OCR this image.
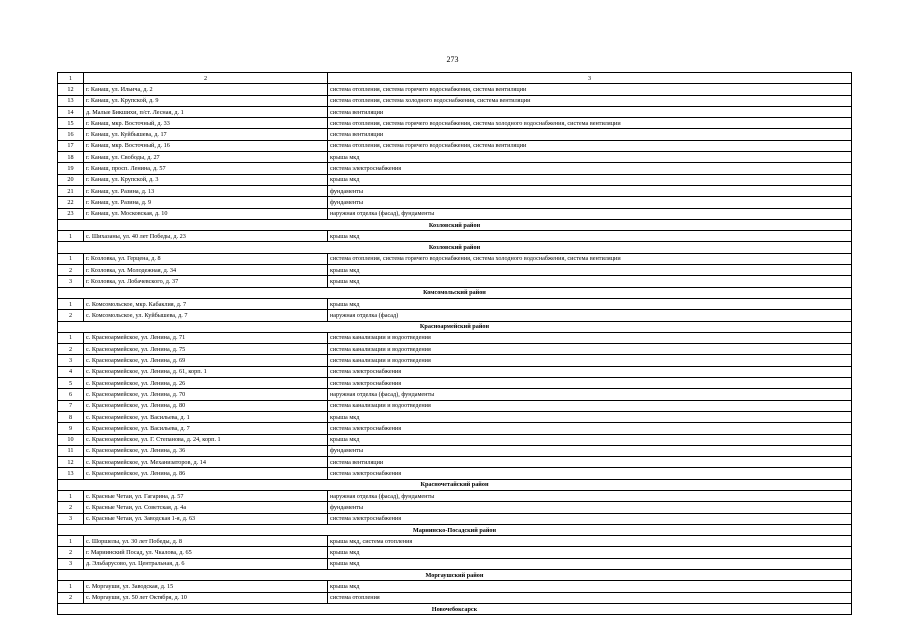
273
1	2	3
12	г. Канаш, ул. Ильича, д. 2	система отопления, система горячего водоснабжения, система вентиляции
13	г. Канаш, ул. Крупской, д. 9	система отопления, система холодного водоснабжения, система вентиляции
14	д. Малые Бикшихи, п/ст. Лесная, д. 1	система вентиляции
15	г. Канаш, мкр. Восточный, д. 33	система отопления, система горячего водоснабжения, система холодного водоснабжения, система вентиляции
16	г. Канаш, ул. Куйбышева, д. 17	система вентиляции
17	г. Канаш, мкр. Восточный, д. 16	система отопления, система горячего водоснабжения, система вентиляции
18	г. Канаш, ул. Свободы, д. 27	крыша мкд
19	г. Канаш, просп. Ленина, д. 57	система электроснабжения
20	г. Канаш, ул. Крупской, д. 3	крыша мкд
21	г. Канаш, ул. Разина, д. 13	фундаменты
22	г. Канаш, ул. Разина, д. 9	фундаменты
23	г. Канаш, ул. Московская, д. 10	наружная отделка (фасад), фундаменты
Козловский район		
1	с. Шихазаны, ул. 40 лет Победы, д. 23	крыша мкд
Козловский район		
1	г. Козловка, ул. Герцена, д. 8	система отопления, система горячего водоснабжения, система холодного водоснабжения, система вентиляции
2	г. Козловка, ул. Молодежная, д. 34	крыша мкд
3	г. Козловка, ул. Лобачевского, д. 37	крыша мкд
Комсомольский район		
1	с. Комсомольское, мкр. Кабаклия, д. 7	крыша мкд
2	с. Комсомольское, ул. Куйбышева, д. 7	наружная отделка (фасад)
Красноармейский район		
1	с. Красноармейское, ул. Ленина, д. 71	система канализации и водоотведения
2	с. Красноармейское, ул. Ленина, д. 75	система канализации и водоотведения
3	с. Красноармейское, ул. Ленина, д. 69	система канализации и водоотведения
4	с. Красноармейское, ул. Ленина, д. 61, корп. 1	система электроснабжения
5	с. Красноармейское, ул. Ленина, д. 26	система электроснабжения
6	с. Красноармейское, ул. Ленина, д. 70	наружная отделка (фасад), фундаменты
7	с. Красноармейское, ул. Ленина, д. 80	система канализации и водоотведения
8	с. Красноармейское, ул. Васильева, д. 1	крыша мкд
9	с. Красноармейское, ул. Васильева, д. 7	система электроснабжения
10	с. Красноармейское, ул. Г. Степанова, д. 24, корп. 1	крыша мкд
11	с. Красноармейское, ул. Ленина, д. 36	фундаменты
12	с. Красноармейское, ул. Механизаторов, д. 14	система вентиляции
13	с. Красноармейское, ул. Ленина, д. 86	система электроснабжения
Красночетайский район		
1	с. Красные Четаи, ул. Гагарина, д. 57	наружная отделка (фасад), фундаменты
2	с. Красные Четаи, ул. Советская, д. 4а	фундаменты
3	с. Красные Четаи, ул. Заводская 1-я, д. 63	система электроснабжения
Мариинско-Посадский район		
1	с. Шоршелы, ул. 30 лет Победы, д. 8	крыша мкд, система отопления
2	г. Мариинский Посад, ул. Чкалова, д. 65	крыша мкд
3	д. Эльбарусово, ул. Центральная, д. 6	крыша мкд
Моргаушский район		
1	с. Моргауши, ул. Заводская, д. 15	крыша мкд
2	с. Моргауши, ул. 50 лет Октября, д. 10	система отопления
Новочебоксарск		
